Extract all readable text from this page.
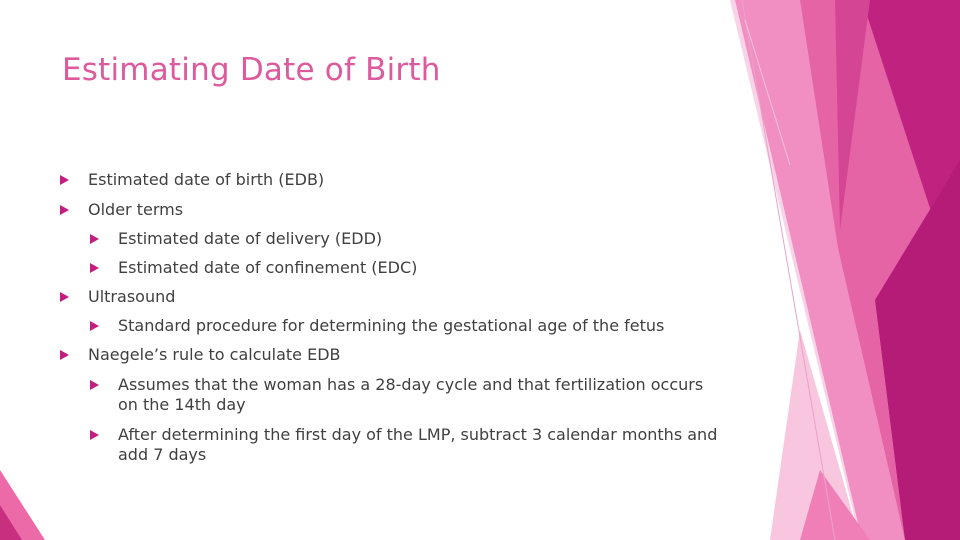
Estimating Date of Birth
Estimated date of birth (EDB)
Older terms
Estimated date of delivery (EDD)
Estimated date of confinement (EDC)
Ultrasound
Standard procedure for determining the gestational age of the fetus
Naegele’s rule to calculate EDB
Assumes that the woman has a 28-day cycle and that fertilization occurs on the 14th day
After determining the first day of the LMP, subtract 3 calendar months and add 7 days
